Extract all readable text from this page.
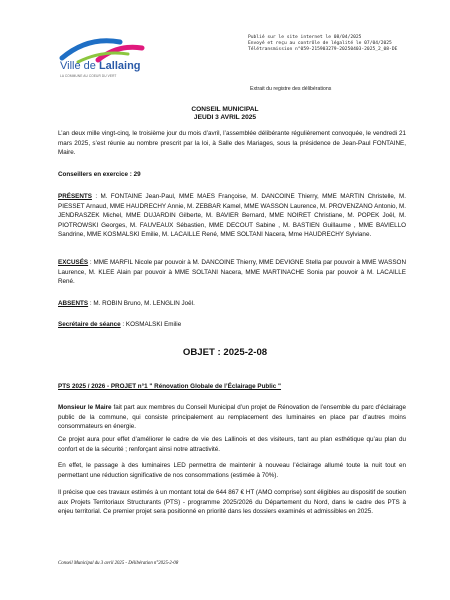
Ville de Lallaing
LA COMMUNE AU COEUR DU VERT
Publié sur le site internet le 08/04/2025
Envoyé et reçu au contrôle de légalité le 07/04/2025
Télétransmission n°059-215903279-20250403-2025_2_08-DE
Extrait du registre des délibérations
CONSEIL MUNICIPAL
JEUDI 3 AVRIL 2025
L’an deux mille vingt-cinq, le troisième jour du mois d’avril, l’assemblée délibérante régulièrement convoquée, le vendredi 21 mars 2025, s’est réunie au nombre prescrit par la loi, à Salle des Mariages, sous la présidence de Jean-Paul FONTAINE, Maire.
Conseillers en exercice : 29
PRÉSENTS : M. FONTAINE Jean-Paul, MME MAES Françoise, M. DANCOINE Thierry, MME MARTIN Christelle, M. PIESSET Arnaud, MME HAUDRECHY Annie, M. ZEBBAR Kamel, MME WASSON Laurence, M. PROVENZANO Antonio, M. JENDRASZEK Michel, MME DUJARDIN Gilberte, M. BAVIER Bernard, MME NOIRET Christiane, M. POPEK Joël, M. PIOTROWSKI Georges, M. FAUVEAUX Sébastien, MME DECOUT Sabine , M. BASTIEN Guillaume , MME BAVIELLO Sandrine, MME KOSMALSKI Emilie, M. LACAILLE René, MME SOLTANI Nacera, Mme HAUDRECHY Sylviane.
EXCUSÉS : MME MARFIL Nicole par pouvoir à M. DANCOINE Thierry, MME DEVIGNE Stella par pouvoir à MME WASSON Laurence, M. KLEE Alain par pouvoir à MME SOLTANI Nacera, MME MARTINACHE Sonia par pouvoir à M. LACAILLE René.
ABSENTS : M. ROBIN Bruno, M. LENGLIN Joël.
Secrétaire de séance : KOSMALSKI Emilie
OBJET : 2025-2-08
PTS 2025 / 2026 - PROJET n°1 " Rénovation Globale de l’Éclairage Public "
Monsieur le Maire fait part aux membres du Conseil Municipal d’un projet de Rénovation de l’ensemble du parc d’éclairage public de la commune, qui consiste principalement au remplacement des luminaires en place par d’autres moins consommateurs en énergie.
Ce projet aura pour effet d’améliorer le cadre de vie des Lallinois et des visiteurs, tant au plan esthétique qu’au plan du confort et de la sécurité ; renforçant ainsi notre attractivité.
En effet, le passage à des luminaires LED permettra de maintenir à nouveau l’éclairage allumé toute la nuit tout en permettant une réduction significative de nos consommations (estimée à 70%).
Il précise que ces travaux estimés à un montant total de 644 867 € HT (AMO comprise) sont éligibles au dispositif de soutien aux Projets Territoriaux Structurants (PTS) - programme 2025/2026 du Département du Nord, dans le cadre des PTS à enjeu territorial. Ce premier projet sera positionné en priorité dans les dossiers examinés et admissibles en 2025.
Conseil Municipal du 3 avril 2025 - Délibération n°2025-2-08
